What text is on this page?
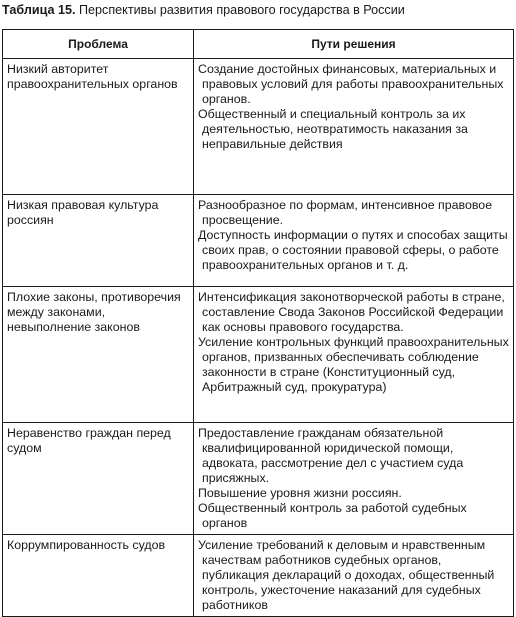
Таблица 15. Перспективы развития правового государства в России
Проблема	Пути решения
Низкий авторитет правоохранительных органов	Создание достойных финансовых, материальных и правовых условий для работы правоохранительных органов.
Общественный и специальный контроль за их деятельностью, неотвратимость наказания за неправильные действия

Низкая правовая культура россиян	Разнообразное по формам, интенсивное правовое просвещение.
Доступность информации о путях и способах защиты своих прав, о состоянии правовой сферы, о работе правоохранительных органов и т. д.

Плохие законы, противоречия между законами, невыполнение законов	Интенсификация законотворческой работы в стране, составление Свода Законов Российской Федерации как основы правового государства.
Усиление контрольных функций правоохранительных органов, призванных обеспечивать соблюдение законности в стране (Конституционный суд, Арбитражный суд, прокуратура)

Неравенство граждан перед судом	Предоставление гражданам обязательной квалифицированной юридической помощи, адвоката, рассмотрение дел с участием суда присяжных.
Повышение уровня жизни россиян.
Общественный контроль за работой судебных органов

Коррумпированность судов	Усиление требований к деловым и нравственным качествам работников судебных органов, публикация деклараций о доходах, общественный контроль, ужесточение наказаний для судебных работников
